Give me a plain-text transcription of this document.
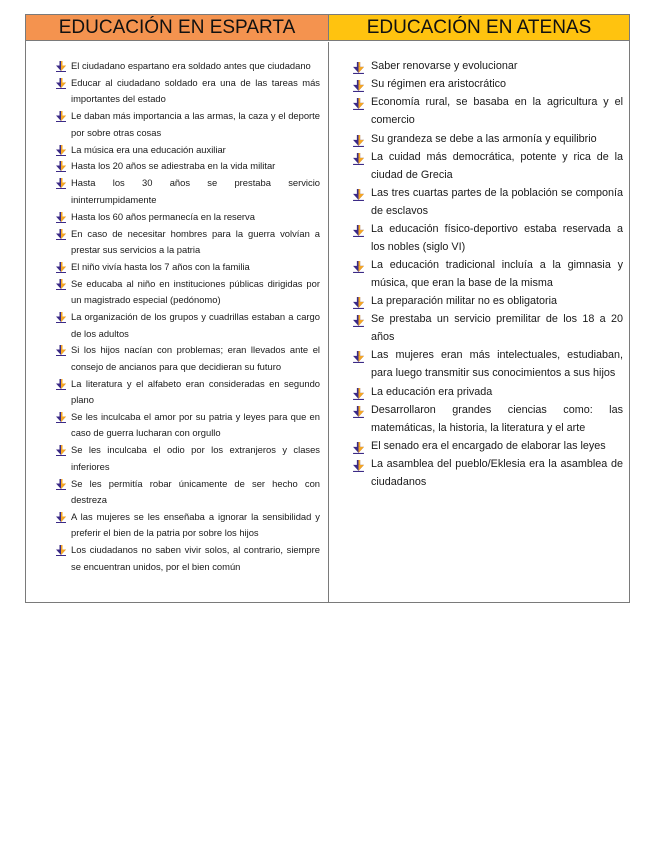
EDUCACIÓN EN ESPARTA	EDUCACIÓN EN ATENAS
El ciudadano espartano era soldado antes que ciudadano
Educar al ciudadano soldado era una de las tareas más importantes del estado
Le daban más importancia a las armas, la caza y el deporte por sobre otras cosas
La música era una educación auxiliar
Hasta los 20 años se adiestraba en la vida militar
Hasta los 30 años se prestaba servicio ininterrumpidamente
Hasta los 60 años permanecía en la reserva
En caso de necesitar hombres para la guerra volvían a prestar sus servicios a la patria
El niño vivía hasta los 7 años con la familia
Se educaba al niño en instituciones públicas dirigidas por un magistrado especial (pedónomo)
La organización de los grupos y cuadrillas estaban a cargo de los adultos
Si los hijos nacían con problemas; eran llevados ante el consejo de ancianos para que decidieran su futuro
La literatura y el alfabeto eran consideradas en segundo plano
Se les inculcaba el amor por su patria y leyes para que en caso de guerra lucharan con orgullo
Se les inculcaba el odio por los extranjeros y clases inferiores
Se les permitía robar únicamente de ser hecho con destreza
A las mujeres se les enseñaba a ignorar la sensibilidad y preferir el bien de la patria por sobre los hijos
Los ciudadanos no saben vivir solos, al contrario, siempre se encuentran unidos, por el bien común
Saber renovarse y evolucionar
Su régimen era aristocrático
Economía rural, se basaba en la agricultura y el comercio
Su grandeza se debe a las armonía y equilibrio
La cuidad más democrática, potente y rica de la ciudad de Grecia
Las tres cuartas partes de la población se componía de esclavos
La educación físico-deportivo estaba reservada a los nobles (siglo VI)
La educación tradicional incluía a la gimnasia y música, que eran la base de la misma
La preparación militar no es obligatoria
Se prestaba un servicio premilitar de los 18 a 20 años
Las mujeres eran más intelectuales, estudiaban, para luego transmitir sus conocimientos a sus hijos
La educación era privada
Desarrollaron grandes ciencias como: las matemáticas, la historia, la literatura y el arte
El senado era el encargado de elaborar las leyes
La asamblea del pueblo/Eklesia era la asamblea de ciudadanos
